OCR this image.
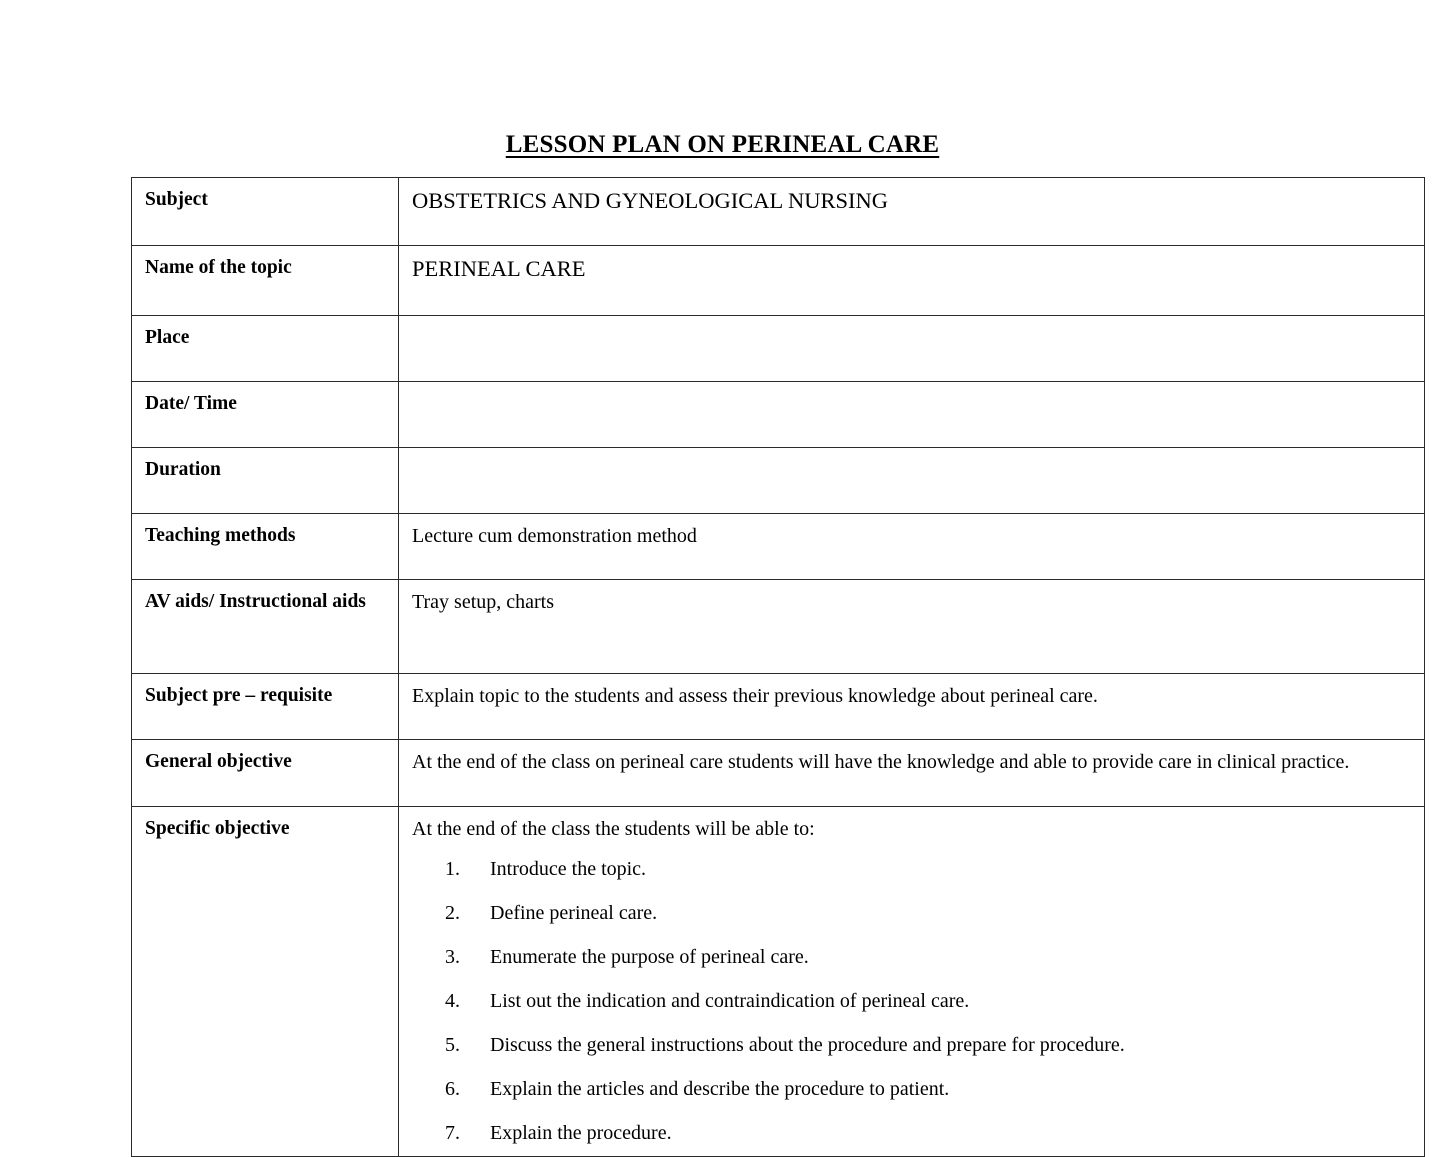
LESSON PLAN ON PERINEAL CARE
Subject	OBSTETRICS AND GYNEOLOGICAL NURSING
Name of the topic	PERINEAL CARE
Place	
Date/ Time	
Duration	
Teaching methods	Lecture cum demonstration method
AV aids/ Instructional aids	Tray setup, charts
Subject pre – requisite	Explain topic to the students and assess their previous knowledge about perineal care.
General objective	At the end of the class on perineal care students will have the knowledge and able to provide care in clinical practice.
Specific objective	At the end of the class the students will be able to:

Introduce the topic.
Define perineal care.
Enumerate the purpose of perineal care.
List out the indication and contraindication of perineal care.
Discuss the general instructions about the procedure and prepare for procedure.
Explain the articles and describe the procedure to patient.
Explain the procedure.
